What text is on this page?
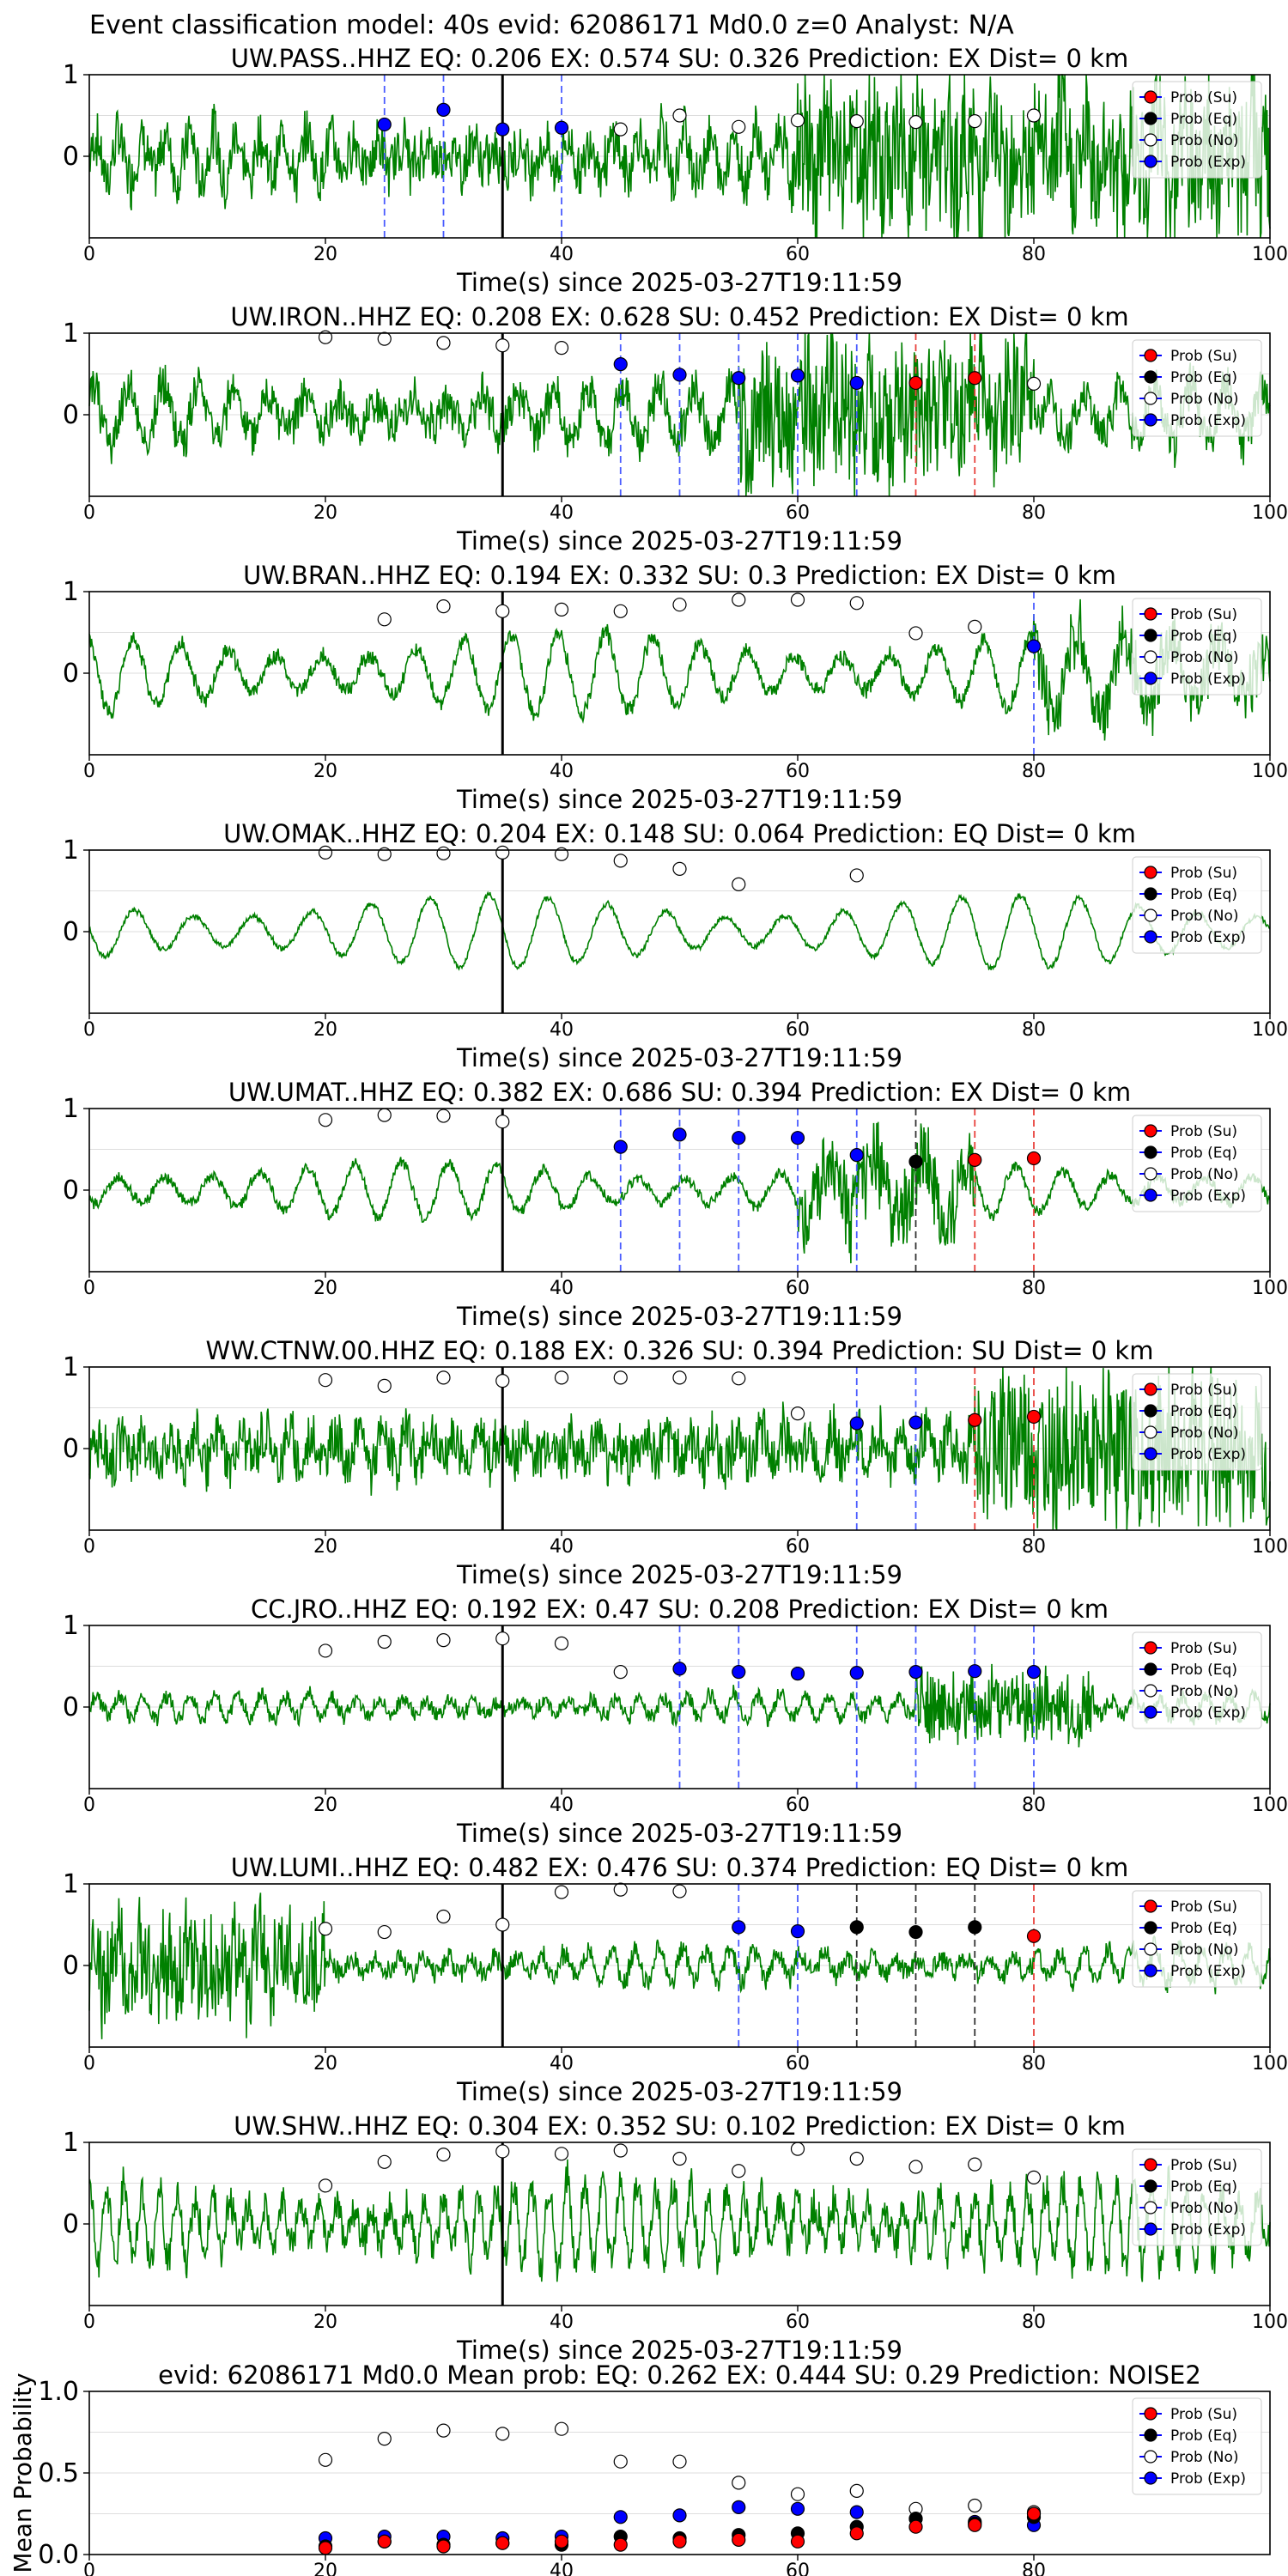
Event classification model: 40s evid: 62086171 Md0.0 z=0 Analyst: N/A
0	20	40	60	80	100
0
1
UW.PASS..HHZ EQ: 0.206 EX: 0.574 SU: 0.326 Prediction: EX Dist= 0 km
Time(s) since 2025-03-27T19:11:59
Prob (Su)
Prob (Eq)
Prob (No)
Prob (Exp)
0	20	40	60	80	100
0
1
UW.IRON..HHZ EQ: 0.208 EX: 0.628 SU: 0.452 Prediction: EX Dist= 0 km
Time(s) since 2025-03-27T19:11:59
Prob (Su)
Prob (Eq)
Prob (No)
Prob (Exp)
0	20	40	60	80	100
0
1
UW.BRAN..HHZ EQ: 0.194 EX: 0.332 SU: 0.3 Prediction: EX Dist= 0 km
Time(s) since 2025-03-27T19:11:59
Prob (Su)
Prob (Eq)
Prob (No)
Prob (Exp)
0	20	40	60	80	100
0
1
UW.OMAK..HHZ EQ: 0.204 EX: 0.148 SU: 0.064 Prediction: EQ Dist= 0 km
Time(s) since 2025-03-27T19:11:59
Prob (Su)
Prob (Eq)
Prob (No)
Prob (Exp)
0	20	40	60	80	100
0
1
UW.UMAT..HHZ EQ: 0.382 EX: 0.686 SU: 0.394 Prediction: EX Dist= 0 km
Time(s) since 2025-03-27T19:11:59
Prob (Su)
Prob (Eq)
Prob (No)
Prob (Exp)
0	20	40	60	80	100
0
1
WW.CTNW.00.HHZ EQ: 0.188 EX: 0.326 SU: 0.394 Prediction: SU Dist= 0 km
Time(s) since 2025-03-27T19:11:59
Prob (Su)
Prob (Eq)
Prob (No)
Prob (Exp)
0	20	40	60	80	100
0
1
CC.JRO..HHZ EQ: 0.192 EX: 0.47 SU: 0.208 Prediction: EX Dist= 0 km
Time(s) since 2025-03-27T19:11:59
Prob (Su)
Prob (Eq)
Prob (No)
Prob (Exp)
0	20	40	60	80	100
0
1
UW.LUMI..HHZ EQ: 0.482 EX: 0.476 SU: 0.374 Prediction: EQ Dist= 0 km
Time(s) since 2025-03-27T19:11:59
Prob (Su)
Prob (Eq)
Prob (No)
Prob (Exp)
0	20	40	60	80	100
0
1
UW.SHW..HHZ EQ: 0.304 EX: 0.352 SU: 0.102 Prediction: EX Dist= 0 km
Time(s) since 2025-03-27T19:11:59
Prob (Su)
Prob (Eq)
Prob (No)
Prob (Exp)
0	20	40	60	80
0.0
0.5
1.0
evid: 62086171 Md0.0 Mean prob: EQ: 0.262 EX: 0.444 SU: 0.29 Prediction: NOISE2
Mean Probability	Prob (Su)
Prob (Eq)
Prob (No)
Prob (Exp)
